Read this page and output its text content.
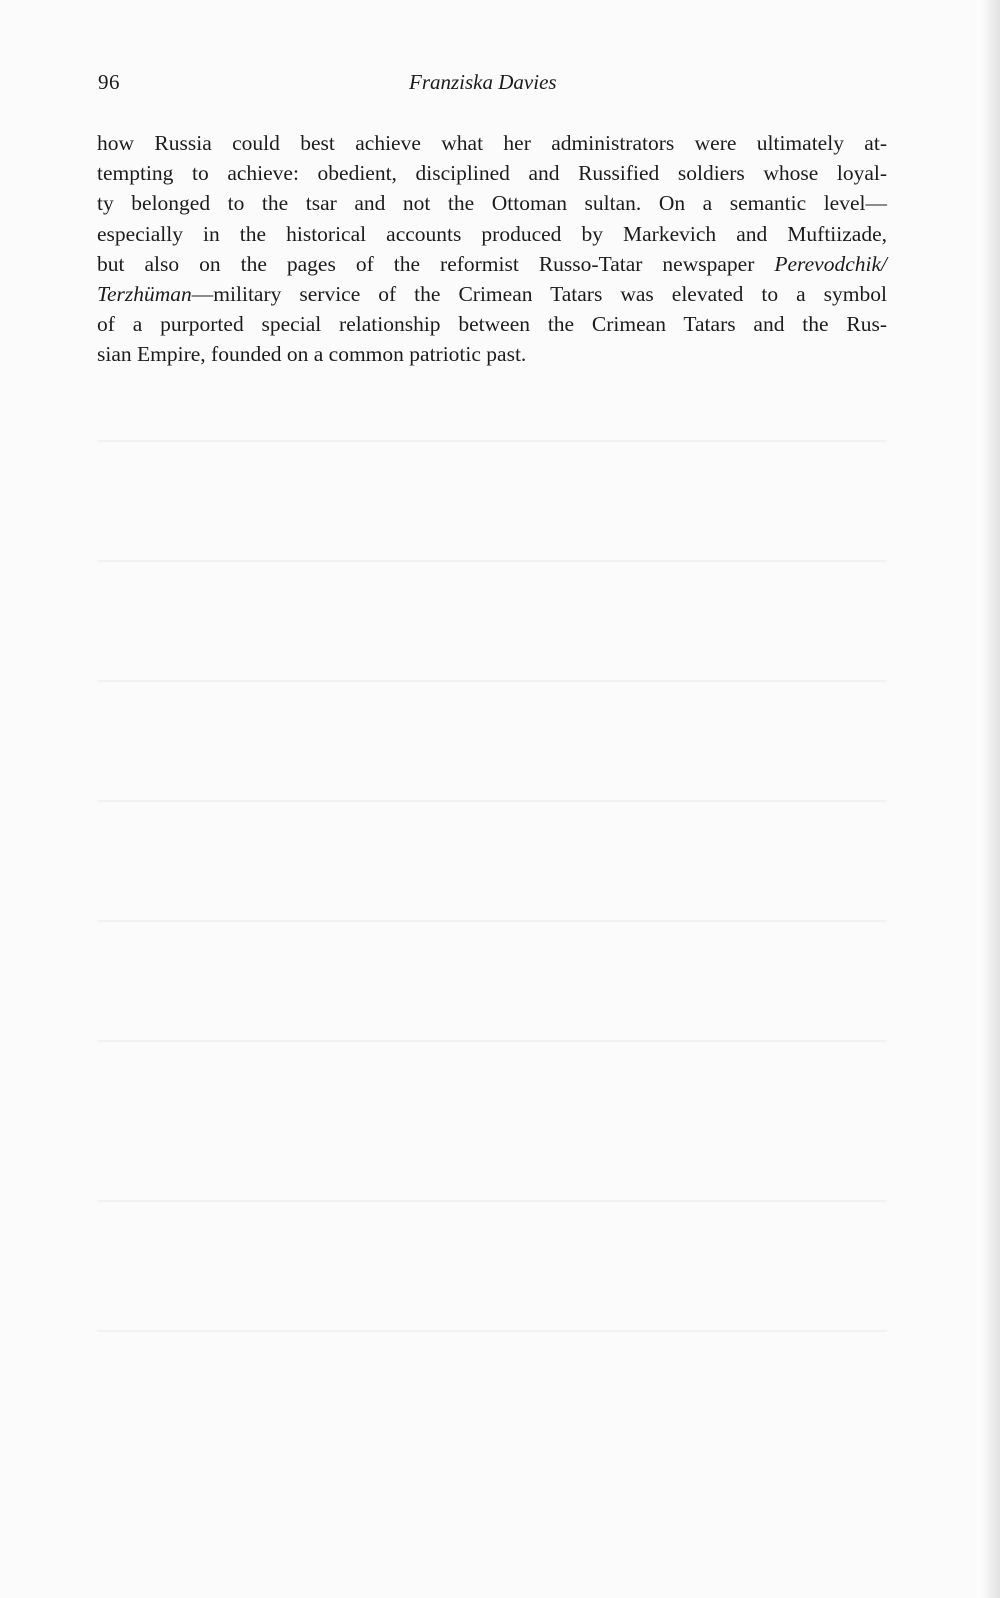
96	Franziska Davies
how Russia could best achieve what her administrators were ultimately at-
tempting to achieve: obedient, disciplined and Russified soldiers whose loyal-
ty belonged to the tsar and not the Ottoman sultan. On a semantic level—
especially in the historical accounts produced by Markevich and Muftiizade,
but also on the pages of the reformist Russo-Tatar newspaper Perevodchik/
Terzhüman—military service of the Crimean Tatars was elevated to a symbol
of a purported special relationship between the Crimean Tatars and the Rus-
sian Empire, founded on a common patriotic past.
